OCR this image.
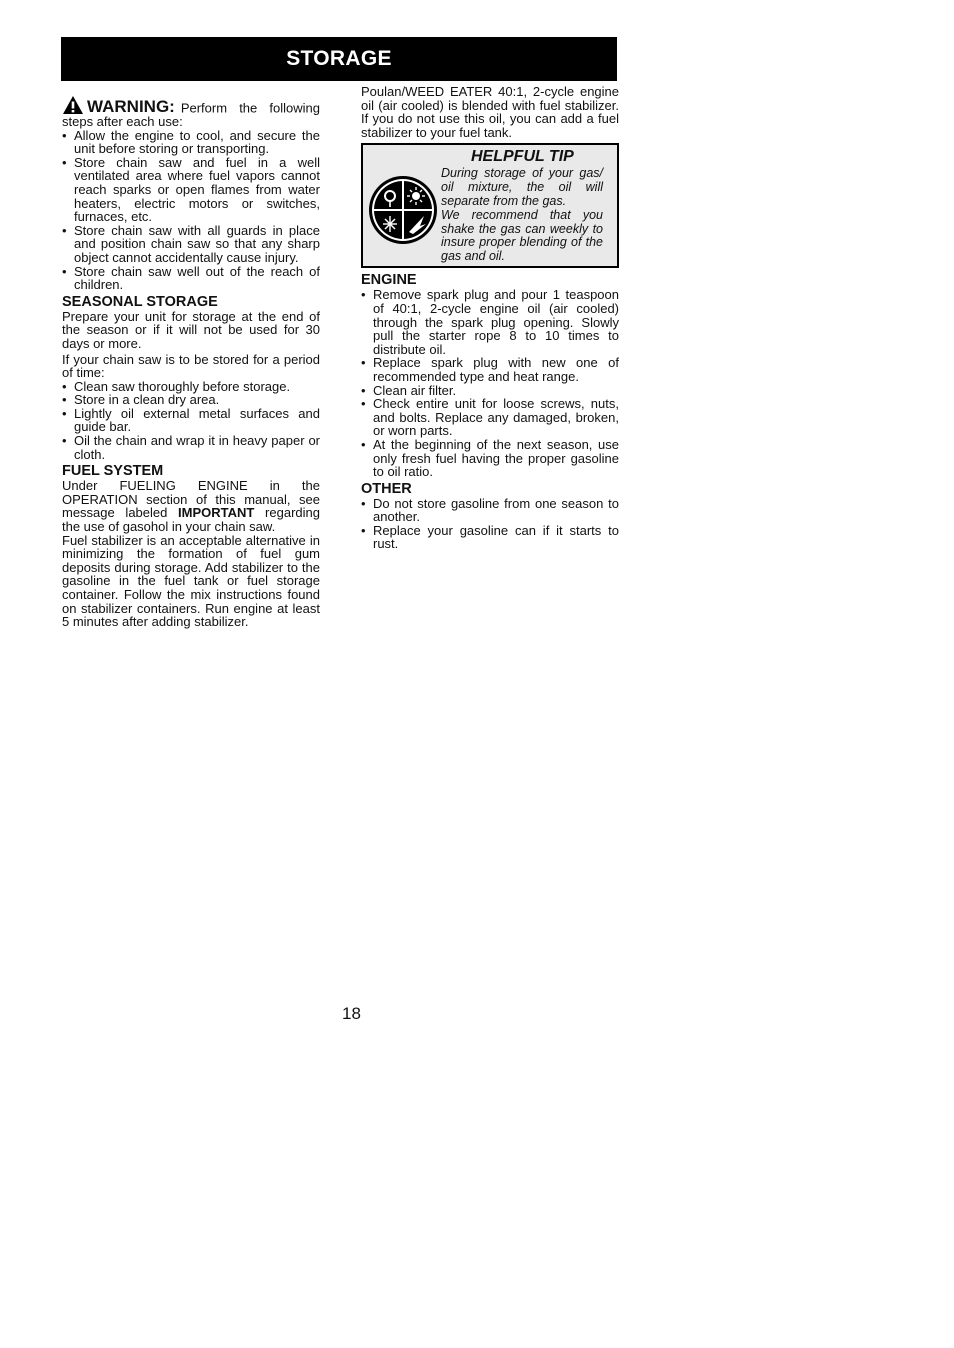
STORAGE

WARNING: Perform the following steps after each use:

• Allow the engine to cool, and secure the unit before storing or transporting.
• Store chain saw and fuel in a well ventilated area where fuel vapors cannot reach sparks or open flames from water heaters, electric motors or switches, furnaces, etc.
• Store chain saw with all guards in place and position chain saw so that any sharp object cannot accidentally cause injury.
• Store chain saw well out of the reach of children.
SEASONAL STORAGE

Prepare your unit for storage at the end of the season or if it will not be used for 30 days or more.

If your chain saw is to be stored for a period of time:

• Clean saw thoroughly before storage.
• Store in a clean dry area.
• Lightly oil external metal surfaces and guide bar.
• Oil the chain and wrap it in heavy paper or cloth.
FUEL SYSTEM

Under FUELING ENGINE in the OPERATION section of this manual, see message labeled IMPORTANT regarding the use of gasohol in your chain saw.

Fuel stabilizer is an acceptable alternative in minimizing the formation of fuel gum deposits during storage. Add stabilizer to the gasoline in the fuel tank or fuel storage container. Follow the mix instructions found on stabilizer containers. Run engine at least 5 minutes after adding stabilizer.

Poulan/WEED EATER 40:1, 2-cycle engine oil (air cooled) is blended with fuel stabilizer. If you do not use this oil, you can add a fuel stabilizer to your fuel tank.

HELPFUL TIP

During storage of your gas/ oil mixture, the oil will separate from the gas.

We recommend that you shake the gas can weekly to insure proper blending of the gas and oil.

ENGINE
• Remove spark plug and pour 1 teaspoon of 40:1, 2-cycle engine oil (air cooled) through the spark plug opening. Slowly pull the starter rope 8 to 10 times to distribute oil.
• Replace spark plug with new one of recommended type and heat range.
• Clean air filter.
• Check entire unit for loose screws, nuts, and bolts. Replace any damaged, broken, or worn parts.
• At the beginning of the next season, use only fresh fuel having the proper gasoline to oil ratio.
OTHER
• Do not store gasoline from one season to another.
• Replace your gasoline can if it starts to rust.
18
